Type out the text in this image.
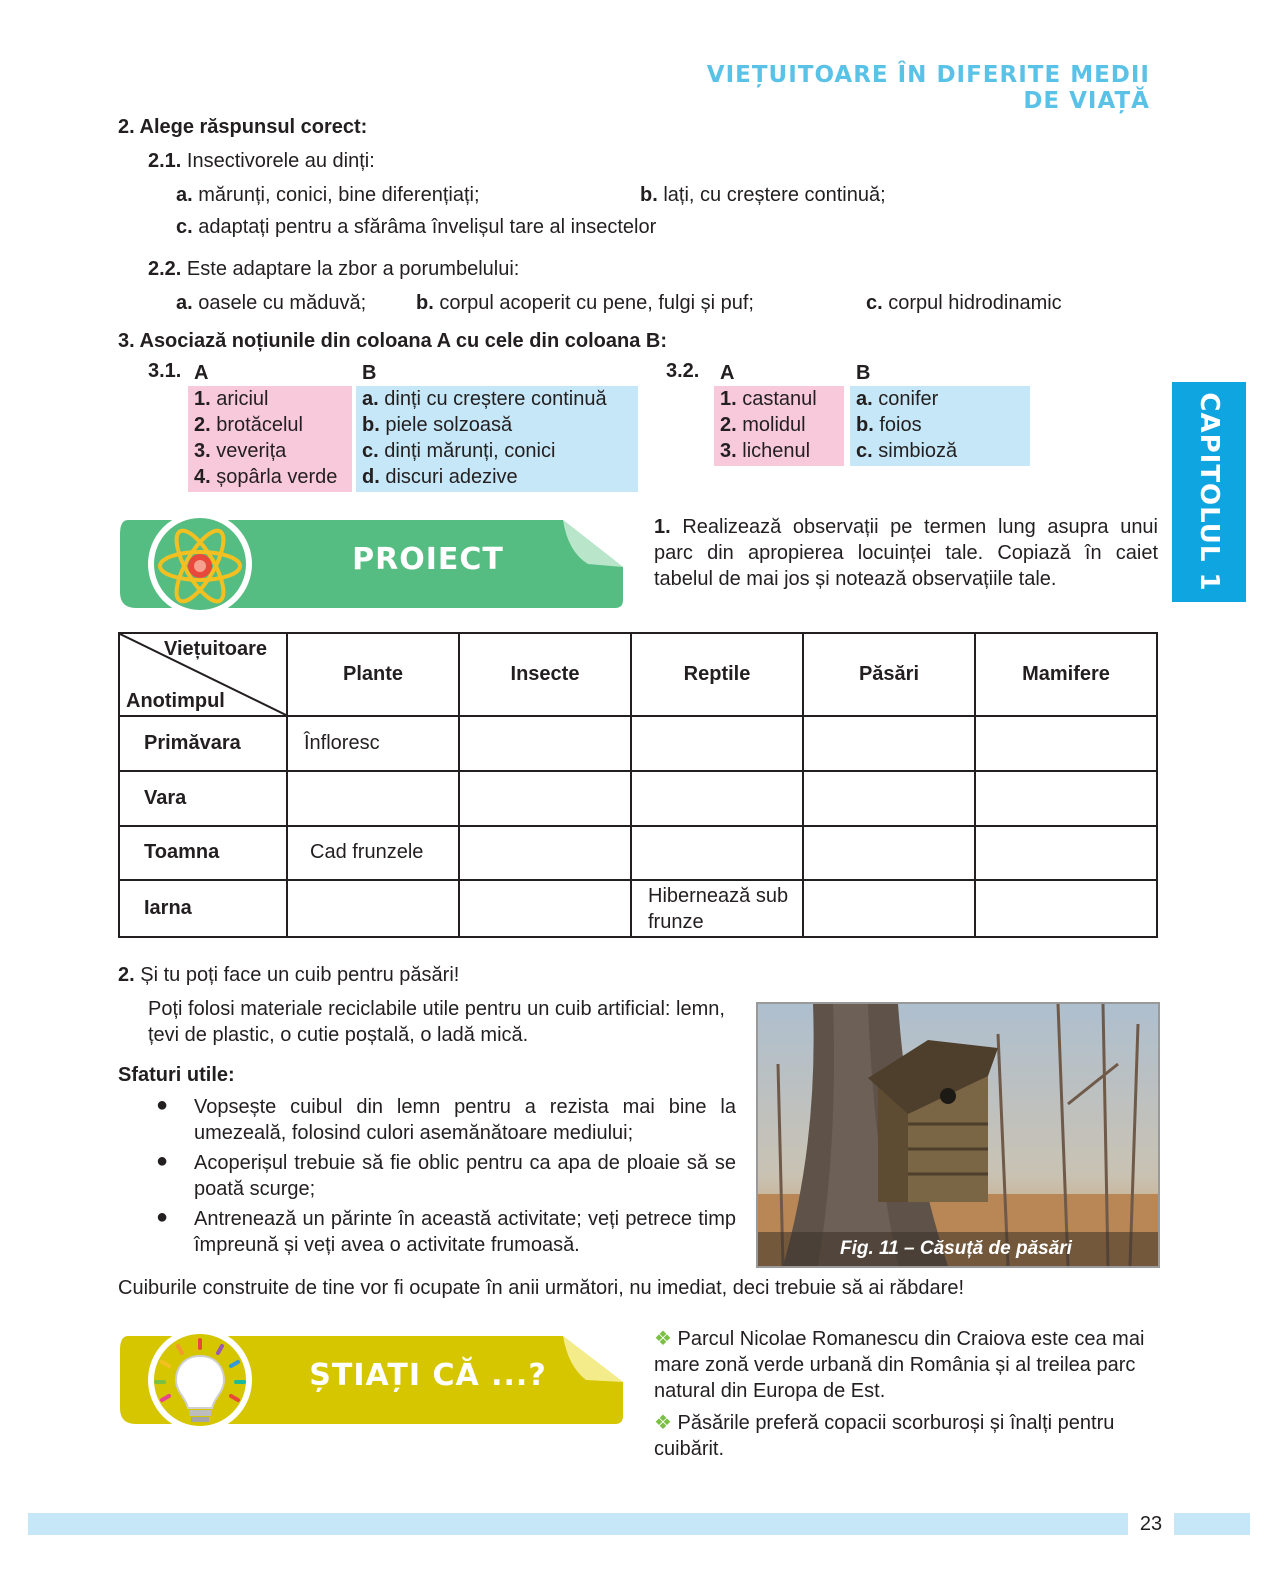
VIEȚUITOARE ÎN DIFERITE MEDII DE VIAȚĂ
CAPITOLUL 1
2. Alege răspunsul corect:
2.1. Insectivorele au dinți:
a. mărunți, conici, bine diferențiați;	b. lați, cu creștere continuă;
c. adaptați pentru a sfărâma învelișul tare al insectelor
2.2. Este adaptare la zbor a porumbelului:
a. oasele cu măduvă; b. corpul acoperit cu pene, fulgi și puf;	c. corpul hidrodinamic
3. Asociază noțiunile din coloana A cu cele din coloana B:
3.1. A	B
1. ariciul
2. brotăcelul
3. veverița
4. șopârla verde
a. dinți cu creștere continuă
b. piele solzoasă
c. dinți mărunți, conici
d. discuri adezive
3.2. A	B
1. castanul
2. molidul
3. lichenul
a. conifer
b. foios
c. simbioză
PROIECT
1. Realizează observații pe termen lung asupra unui parc din apropierea locuinței tale. Copiază în caiet tabelul de mai jos și notează observațiile tale.
Viețuitoare
Anotimpul	Plante	Insecte	Reptile	Păsări	Mamifere
Primăvara	Înfloresc				
Vara					
Toamna	Cad frunzele				
Iarna			Hibernează sub frunze		
2. Și tu poți face un cuib pentru păsări!
Poți folosi materiale reciclabile utile pentru un cuib artificial: lemn, țevi de plastic, o cutie poștală, o ladă mică.
Sfaturi utile:
● Vopsește cuibul din lemn pentru a rezista mai bine la umezeală, folosind culori asemănătoare mediului;
● Acoperișul trebuie să fie oblic pentru ca apa de ploaie să se poată scurge;
● Antrenează un părinte în această activitate; veți petrece timp împreună și veți avea o activitate frumoasă.	Fig. 11 – Căsuță de păsări
Cuiburile construite de tine vor fi ocupate în anii următori, nu imediat, deci trebuie să ai răbdare!
ȘTIAȚI CĂ ...?
❖ Parcul Nicolae Romanescu din Craiova este cea mai mare zonă verde urbană din România și al treilea parc natural din Europa de Est.
❖ Păsările preferă copacii scorburoși și înalți pentru cuibărit.
23
